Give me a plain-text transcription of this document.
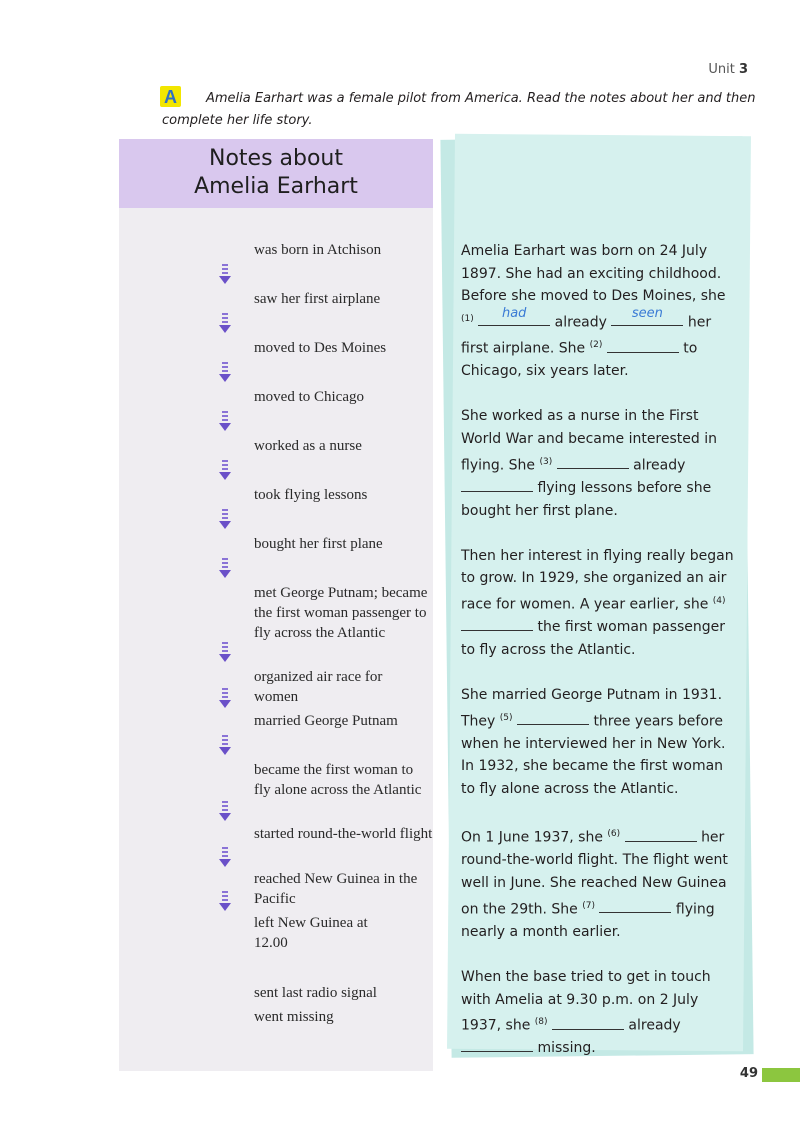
Unit 3
A	Amelia Earhart was a female pilot from America. Read the notes about her and then complete her life story.
Notes about
Amelia Earhart
was born in Atchison
saw her first airplane
moved to Des Moines
moved to Chicago
worked as a nurse
took flying lessons
bought her first plane
met George Putnam; became the first woman passenger to fly across the Atlantic
organized air race for women
married George Putnam
became the first woman to fly alone across the Atlantic
started round-the-world flight
reached New Guinea in the Pacific
left New Guinea at 12.00
sent last radio signal
went missing

Amelia Earhart was born on 24 July 1897. She had an exciting childhood. Before she moved to Des Moines, she $^{(1)}$	had
already
seen
her first airplane. She $^{(2)}$	to Chicago, six years later.

She worked as a nurse in the First World War and became interested in flying. She $^{(3)}$	already  flying lessons before she bought her first plane.

Then her interest in flying really began to grow. In 1929, she organized an air race for women. A year earlier, she $^{(4)}$  the first woman passenger to fly across the Atlantic.

She married George Putnam in 1931. They $^{(5)}$	three years before when he interviewed her in New York. In 1932, she became the first woman to fly alone across the Atlantic.

On 1 June 1937, she $^{(6)}$	her round-the-world flight. The flight went well in June. She reached New Guinea on the 29th. She $^{(7)}$	flying nearly a month earlier.

When the base tried to get in touch with Amelia at 9.30 p.m. on 2 July 1937, she $^{(8)}$	already  missing.

49
